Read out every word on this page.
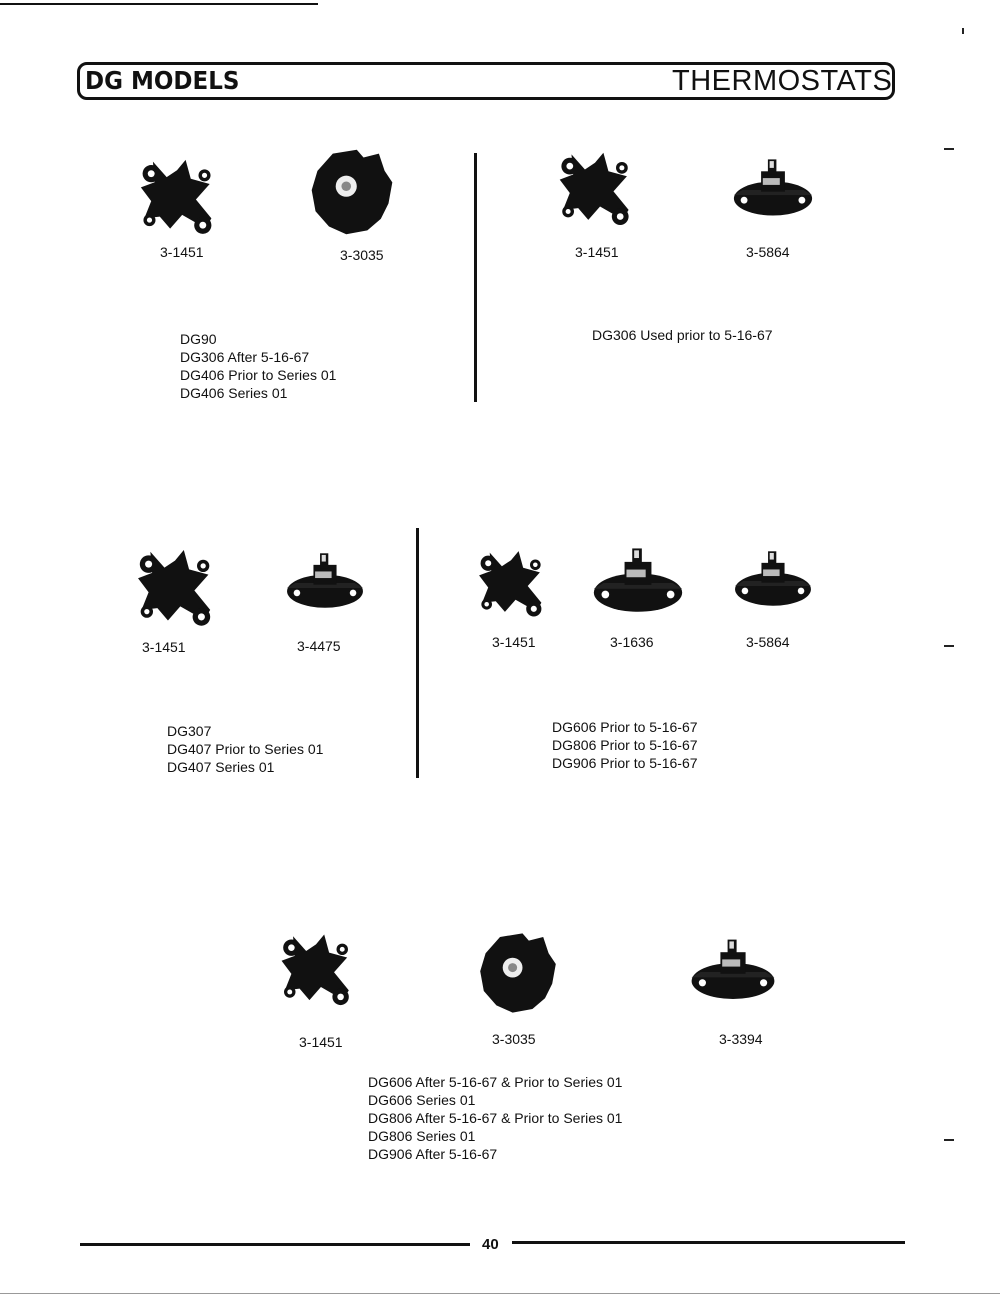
DG MODELS	THERMOSTATS
3-1451	3-3035
DG90
DG306 After 5-16-67
DG406 Prior to Series 01
DG406 Series 01
3-1451	3-5864
DG306 Used prior to 5-16-67
3-1451	3-4475
DG307
DG407 Prior to Series 01
DG407 Series 01
3-1451	3-1636	3-5864
DG606 Prior to 5-16-67
DG806 Prior to 5-16-67
DG906 Prior to 5-16-67
3-1451	3-3035	3-3394
DG606 After 5-16-67 & Prior to Series 01
DG606 Series 01
DG806 After 5-16-67 & Prior to Series 01
DG806 Series 01
DG906 After 5-16-67
40
